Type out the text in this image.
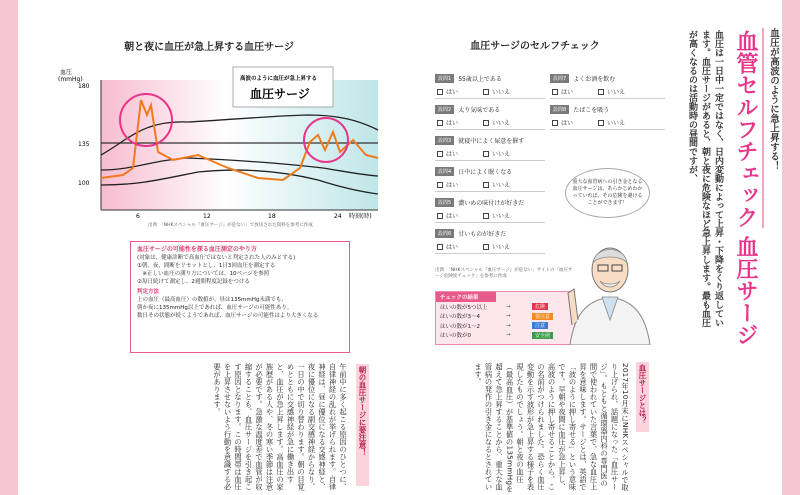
朝と夜に血圧が急上昇する血圧サージ
血圧(mmHg)
180
135
100
6	12	18	24 時刻(時)
高波のように血圧が急上昇する
血圧サージ
出典：「NHKスペシャル『血圧サージ』が危ない」で放送された資料を参考に作成
血圧サージの可能性を探る血圧測定のやり方
(対象は、健康診断で高血圧ではないと判定された人のみとする)
①朝、夜、間断をリセットとし、1日3回血圧を測定する
　※正しい血圧の測り方については、10ページを参照
②毎日続けて測定し、2週間程度記録をつける
判定方法
上の血圧（最高血圧）の数値が、昼は135mmHg未満でも、
朝か夜に135mmHg以上であれば、血圧サージの可能性あり。
数日その状態が続くようであれば、血圧サージの可能性はより大きくなる
朝の血圧サージに要注意！
午前中に多く起こる原因のひとつに、自律神経の乱れが挙げられます。自律神経は、昼に優位になる交感神経と、夜に優位になる副交感神経からなり、一日の中で切り替わります。朝の目覚めとともに交感神経が急に働き出すと、血圧が急上昇します。高血圧の家族歴がある人や、冬の寒い季節は注意が必要です。急激な温度差で血管が収縮することも、血圧サージを引き起こす原因となります。この時間帯は血圧を上昇させないよう行動を意識する必要があります。
血圧サージのセルフチェック
設問1	55歳以上である
はい	いいえ
設問2	太り気味である
はい	いいえ
設問3	就寝中によく尿意を催す
はい	いいえ
設問4	日中によく眠くなる
はい	いいえ
設問5	濃いめの味付けが好きだ
はい	いいえ
設問6	甘いものが好きだ
はい	いいえ
設問7	よくお酒を飲む
はい	いいえ
設問8	たばこを吸う
はい	いいえ
出典：「NHKスペシャル『血圧サージ』が危ない」サイトの「血圧サージ危険度チェック」を参考に作成
チェックの結果
はいの数が5つ以上	→	危険
はいの数が3〜4	→	要注意
はいの数が1〜2	→	注意
はいの数が0	→	安全圏
重大な血管病への引き金となる血圧サージは、あらかじめわかっていれば、その危険を避けることができます！	血管セルフチェック 血圧サージ	血圧が高波のように急上昇する！
血圧は一日中一定ではなく、日内変動によって上昇・下降をくり返しています。血圧サージがあると、朝と夜に危険なほど急上昇します。最も血圧が高くなるのは活動時の昼間ですが、
血圧サージとは？
2017年10月末にNHKスペシャルで取り上げられ、話題になった「血圧サージ」。もともと循環器内科の専門医の間で使われていた言葉で、急な血圧上昇を意味します。サージとは、英語で「波のように押し寄せる」という意味です。早朝や夜間に血圧が急上昇し、高波のように押し寄せることから、この名前がつけられました。恐らく血圧変動を示す波形が急上昇する様子を表現したものでしょう。朝と夜の血圧（最高血圧）が基準値の135mmHgを超えて急上昇することから、重大な血管病の発作の引き金になるとされています。
